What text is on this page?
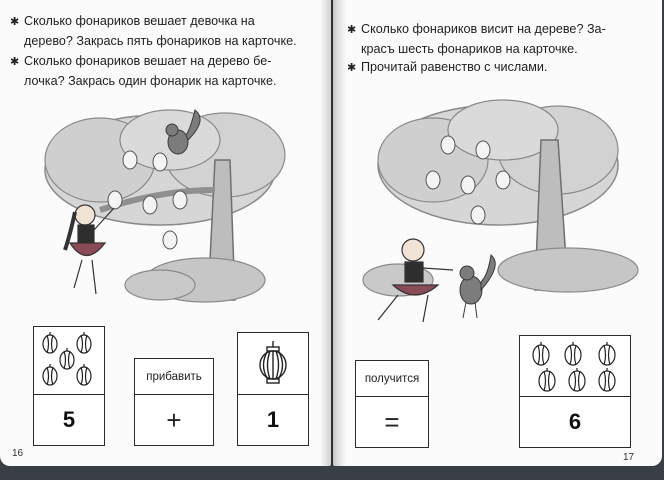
✱ Сколько фонариков вешает девочка на
дерево? Закрась пять фонариков на карточке.
✱ Сколько фонариков вешает на дерево бе-
лочка? Закрась один фонарик на карточке.
5
прибавить
+	1
16
✱ Сколько фонариков висит на дереве? За-
красъ шесть фонариков на карточке.
✱ Прочитай равенство с числами.
получится
=	6
17
